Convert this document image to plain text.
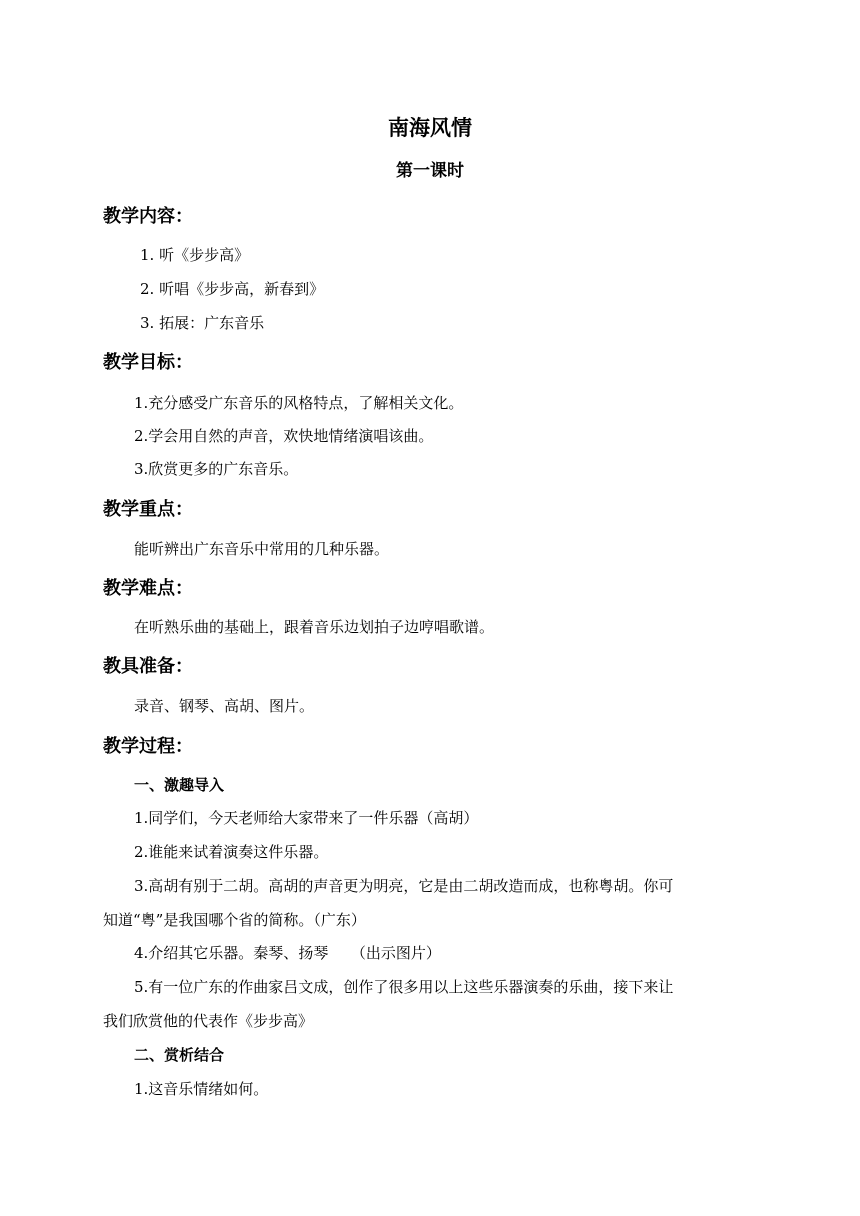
南海风情
第一课时
教学内容：
1. 听《步步高》
2. 听唱《步步高，新春到》
3. 拓展：广东音乐
教学目标：
1.充分感受广东音乐的风格特点，了解相关文化。
2.学会用自然的声音，欢快地情绪演唱该曲。
3.欣赏更多的广东音乐。
教学重点：
能听辨出广东音乐中常用的几种乐器。
教学难点：
在听熟乐曲的基础上，跟着音乐边划拍子边哼唱歌谱。
教具准备：
录音、钢琴、高胡、图片。
教学过程：
一、激趣导入
1.同学们，今天老师给大家带来了一件乐器（高胡）
2.谁能来试着演奏这件乐器。
3.高胡有别于二胡。高胡的声音更为明亮，它是由二胡改造而成，也称粤胡。你可
知道“粤”是我国哪个省的简称。（广东）
4.介绍其它乐器。秦琴、扬琴　　（出示图片）
5.有一位广东的作曲家吕文成，创作了很多用以上这些乐器演奏的乐曲，接下来让
我们欣赏他的代表作《步步高》
二、赏析结合
1.这音乐情绪如何。
